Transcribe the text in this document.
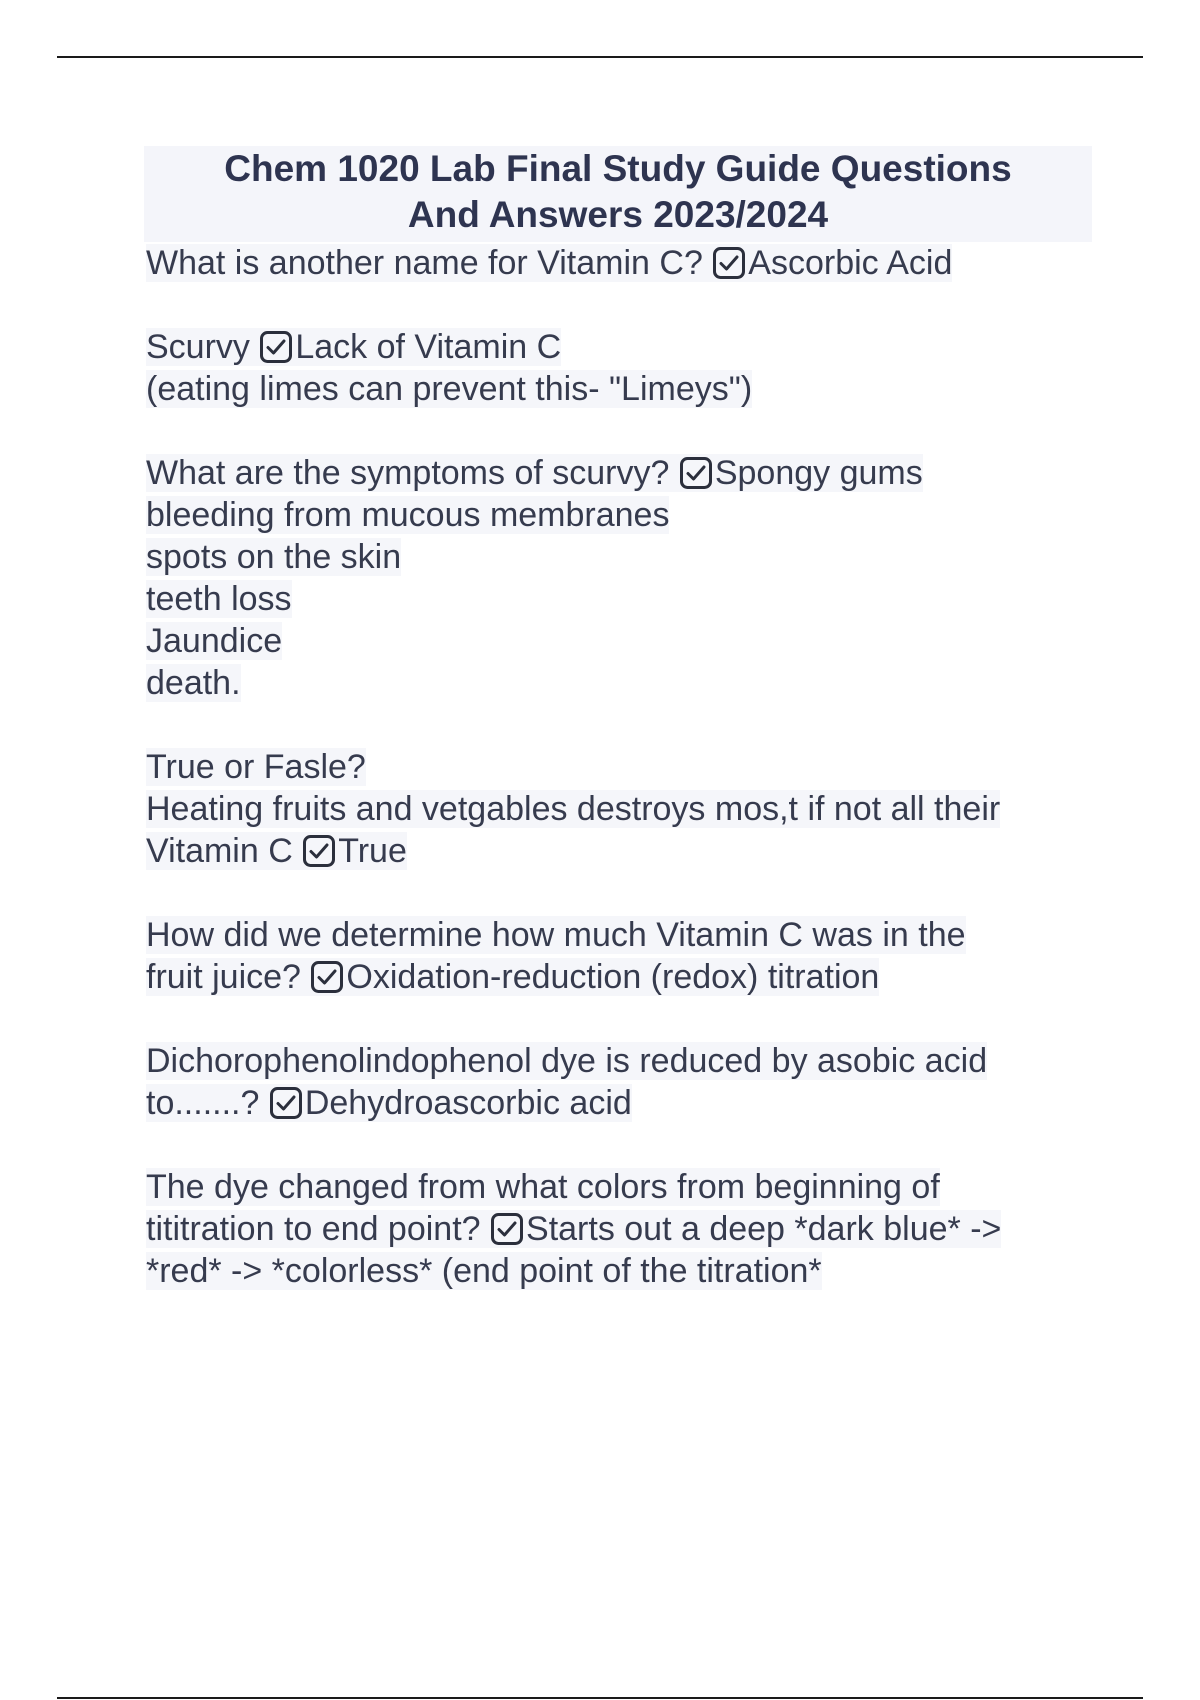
Chem 1020 Lab Final Study Guide Questions
And Answers 2023/2024
What is another name for Vitamin C?
Ascorbic Acid
Scurvy
Lack of Vitamin C
(eating limes can prevent this- "Limeys")
What are the symptoms of scurvy?
Spongy gums
bleeding from mucous membranes
spots on the skin
teeth loss
Jaundice
death.
True or Fasle?
Heating fruits and vetgables destroys mos,t if not all their
Vitamin C
True
How did we determine how much Vitamin C was in the
fruit juice?
Oxidation-reduction (redox) titration
Dichorophenolindophenol dye is reduced by asobic acid
to.......?
Dehydroascorbic acid
The dye changed from what colors from beginning of
tititration to end point?
Starts out a deep *dark blue* ->
*red* -> *colorless* (end point of the titration*
